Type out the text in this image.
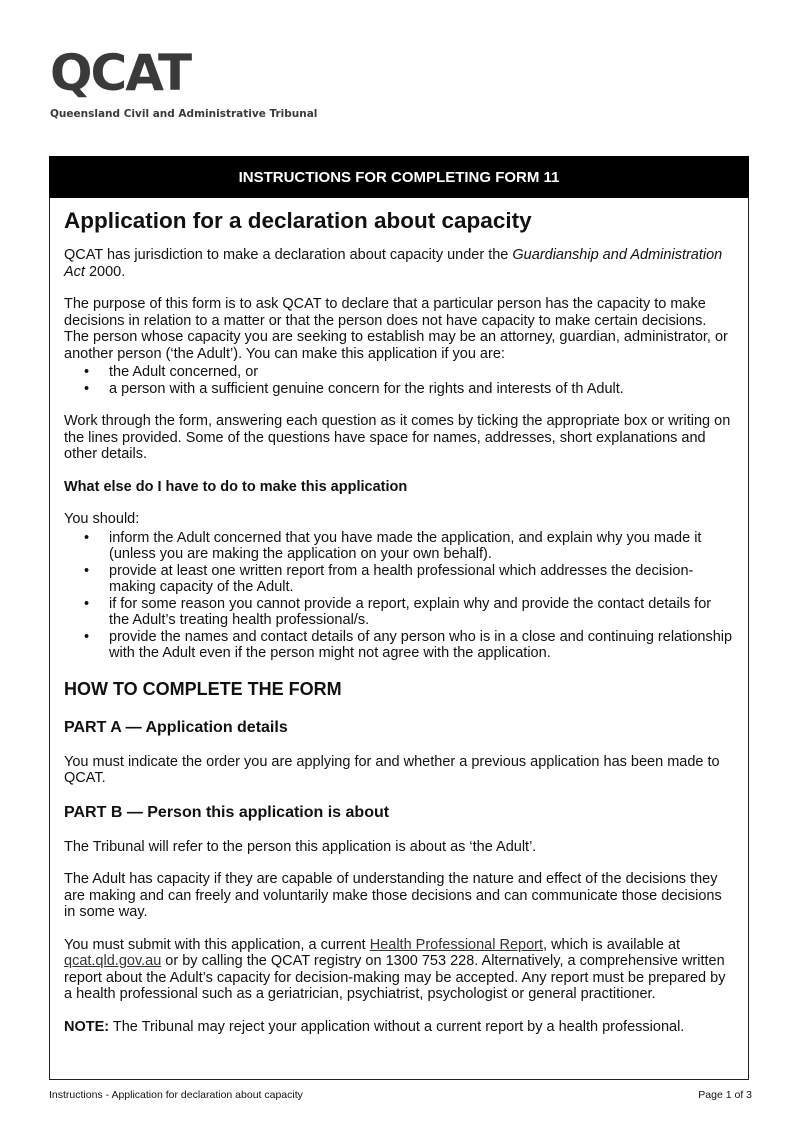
QCAT
Queensland Civil and Administrative Tribunal
INSTRUCTIONS FOR COMPLETING FORM 11
Application for a declaration about capacity

QCAT has jurisdiction to make a declaration about capacity under the Guardianship and Administration Act 2000.

The purpose of this form is to ask QCAT to declare that a particular person has the capacity to make decisions in relation to a matter or that the person does not have capacity to make certain decisions. The person whose capacity you are seeking to establish may be an attorney, guardian, administrator, or another person (‘the Adult’). You can make this application if you are:

• the Adult concerned, or
• a person with a sufficient genuine concern for the rights and interests of th Adult.

Work through the form, answering each question as it comes by ticking the appropriate box or writing on the lines provided. Some of the questions have space for names, addresses, short explanations and other details.

What else do I have to do to make this application

You should:

• inform the Adult concerned that you have made the application, and explain why you made it (unless you are making the application on your own behalf).
• provide at least one written report from a health professional which addresses the decision-making capacity of the Adult.
• if for some reason you cannot provide a report, explain why and provide the contact details for the Adult’s treating health professional/s.
• provide the names and contact details of any person who is in a close and continuing relationship with the Adult even if the person might not agree with the application.
HOW TO COMPLETE THE FORM
PART A — Application details

You must indicate the order you are applying for and whether a previous application has been made to QCAT.

PART B — Person this application is about

The Tribunal will refer to the person this application is about as ‘the Adult’.

The Adult has capacity if they are capable of understanding the nature and effect of the decisions they are making and can freely and voluntarily make those decisions and can communicate those decisions in some way.

You must submit with this application, a current Health Professional Report, which is available at qcat.qld.gov.au or by calling the QCAT registry on 1300 753 228. Alternatively, a comprehensive written report about the Adult’s capacity for decision-making may be accepted. Any report must be prepared by a health professional such as a geriatrician, psychiatrist, psychologist or general practitioner.

NOTE: The Tribunal may reject your application without a current report by a health professional.

Instructions - Application for declaration about capacity	Page 1 of 3
